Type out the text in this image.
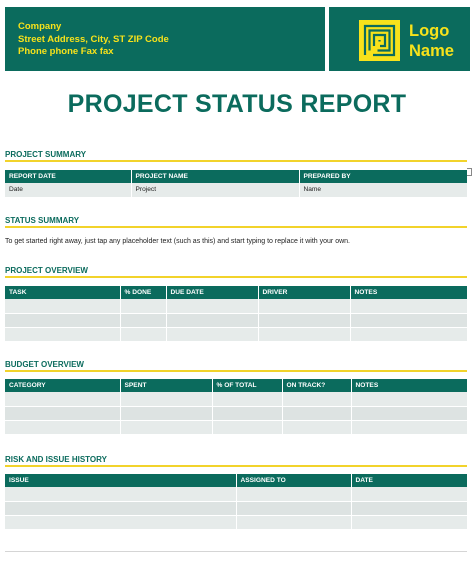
Company
Street Address, City, ST ZIP Code
Phone phone Fax fax
Logo
Name
PROJECT STATUS REPORT
PROJECT SUMMARY
REPORT DATE	PROJECT NAME	PREPARED BY
Date	Project	Name
STATUS SUMMARY
To get started right away, just tap any placeholder text (such as this) and start typing to replace it with your own.
PROJECT OVERVIEW
TASK	% DONE	DUE DATE	DRIVER	NOTES

BUDGET OVERVIEW
CATEGORY	SPENT	% OF TOTAL	ON TRACK?	NOTES

RISK AND ISSUE HISTORY
ISSUE	ASSIGNED TO	DATE
